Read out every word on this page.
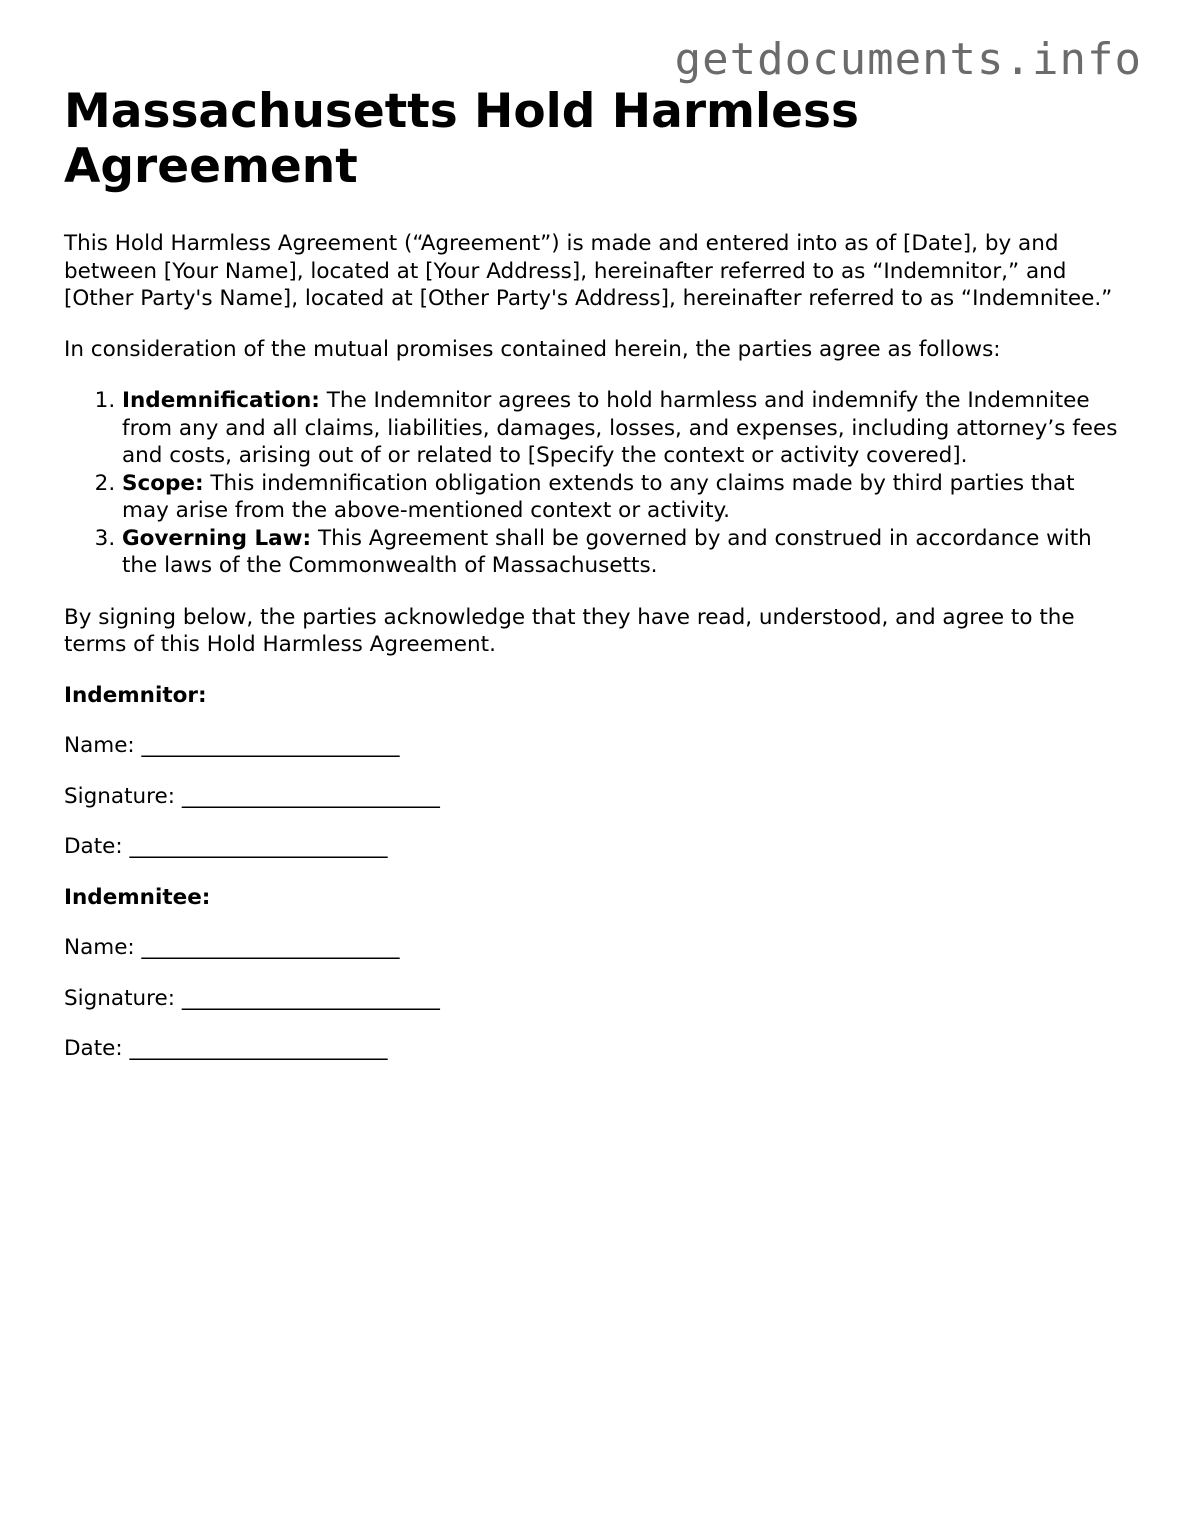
getdocuments.info
Massachusetts Hold Harmless Agreement

This Hold Harmless Agreement (“Agreement”) is made and entered into as of [Date], by and between [Your Name], located at [Your Address], hereinafter referred to as “Indemnitor,” and [Other Party's Name], located at [Other Party's Address], hereinafter referred to as “Indemnitee.”

In consideration of the mutual promises contained herein, the parties agree as follows:

1. Indemnification: The Indemnitor agrees to hold harmless and indemnify the Indemnitee from any and all claims, liabilities, damages, losses, and expenses, including attorney’s fees and costs, arising out of or related to [Specify the context or activity covered].
2. Scope: This indemnification obligation extends to any claims made by third parties that may arise from the above-mentioned context or activity.
3. Governing Law: This Agreement shall be governed by and construed in accordance with the laws of the Commonwealth of Massachusetts.

By signing below, the parties acknowledge that they have read, understood, and agree to the terms of this Hold Harmless Agreement.

Indemnitor:

Name: ________________________

Signature: ________________________

Date: ________________________

Indemnitee:

Name: ________________________

Signature: ________________________

Date: ________________________
